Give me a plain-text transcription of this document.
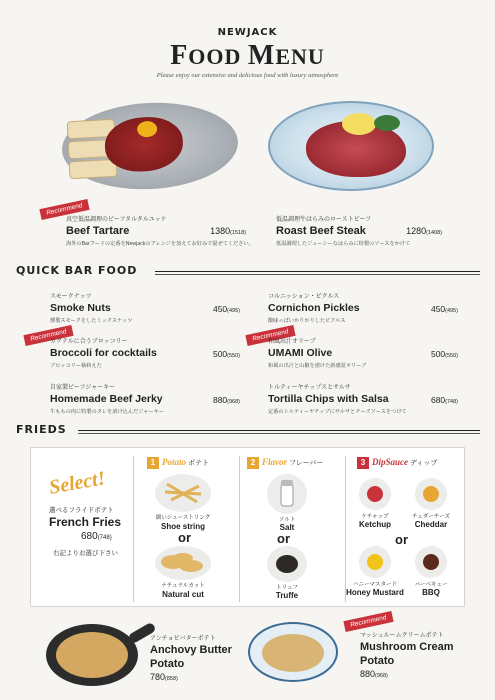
NEWJACK
FOOD MENU
Please enjoy our extensive and delicious food with luxury atmosphere
Recommend
真空低温調理のビーフタルタルユッケ
Beef Tartare	1380(1518)
海外のBarフードの定番をNewjackのアレンジを加えてお好みで混ぜてください。
低温調理牛はらみのローストビーフ
Roast Beef Steak	1280(1408)
低温調理したジューシーなはらみに特製のソースをかけて
QUICK BAR FOOD
スモークナッツ
Smoke Nuts	450(495)
燻製スモークをしたミックスナッツ
コルニッション・ピクルス
Cornichon Pickles	450(495)
酸味っぱいかりかりしたピクルス
Recommend
カクテルに合うブロッコリー
Broccoli for cocktails	500(550)
ブロッコリー柚和えた
Recommend
和風出汁オリーブ
UMAMI Olive	500(550)
和風の出汁と山椒を漬けた新感覚オリーブ
自家製ビーフジャーキー
Homemade Beef Jerky	880(968)
牛ももの肉に特製のタレを漬け込んだジャーキー
トルティーヤチップスとサルサ
Tortilla Chips with Salsa	680(748)
定番のトルティーヤチップにサルサとチーズソースをつけて
FRIEDS
Select!
選べるフライドポテト
French Fries
680(748)
右記よりお選び下さい
1 Potato ポテト
細いシューストリング
Shoe string
or
ナチュラルカット
Natural cut
2 Flavor フレーバー
ソルト
Salt
or
トリュフ
Truffe
3 DipSauce ディップ
ケチャップ
Ketchup
チェダーチーズ
Cheddar
or
ハニーマスタード
Honey Mustard
バーベキュー
BBQ
アンチョビバターポテト
Anchovy Butter
Potato
780(858)
Recommend
マッシュルームクリームポテト
Mushroom Cream
Potato
880(968)
